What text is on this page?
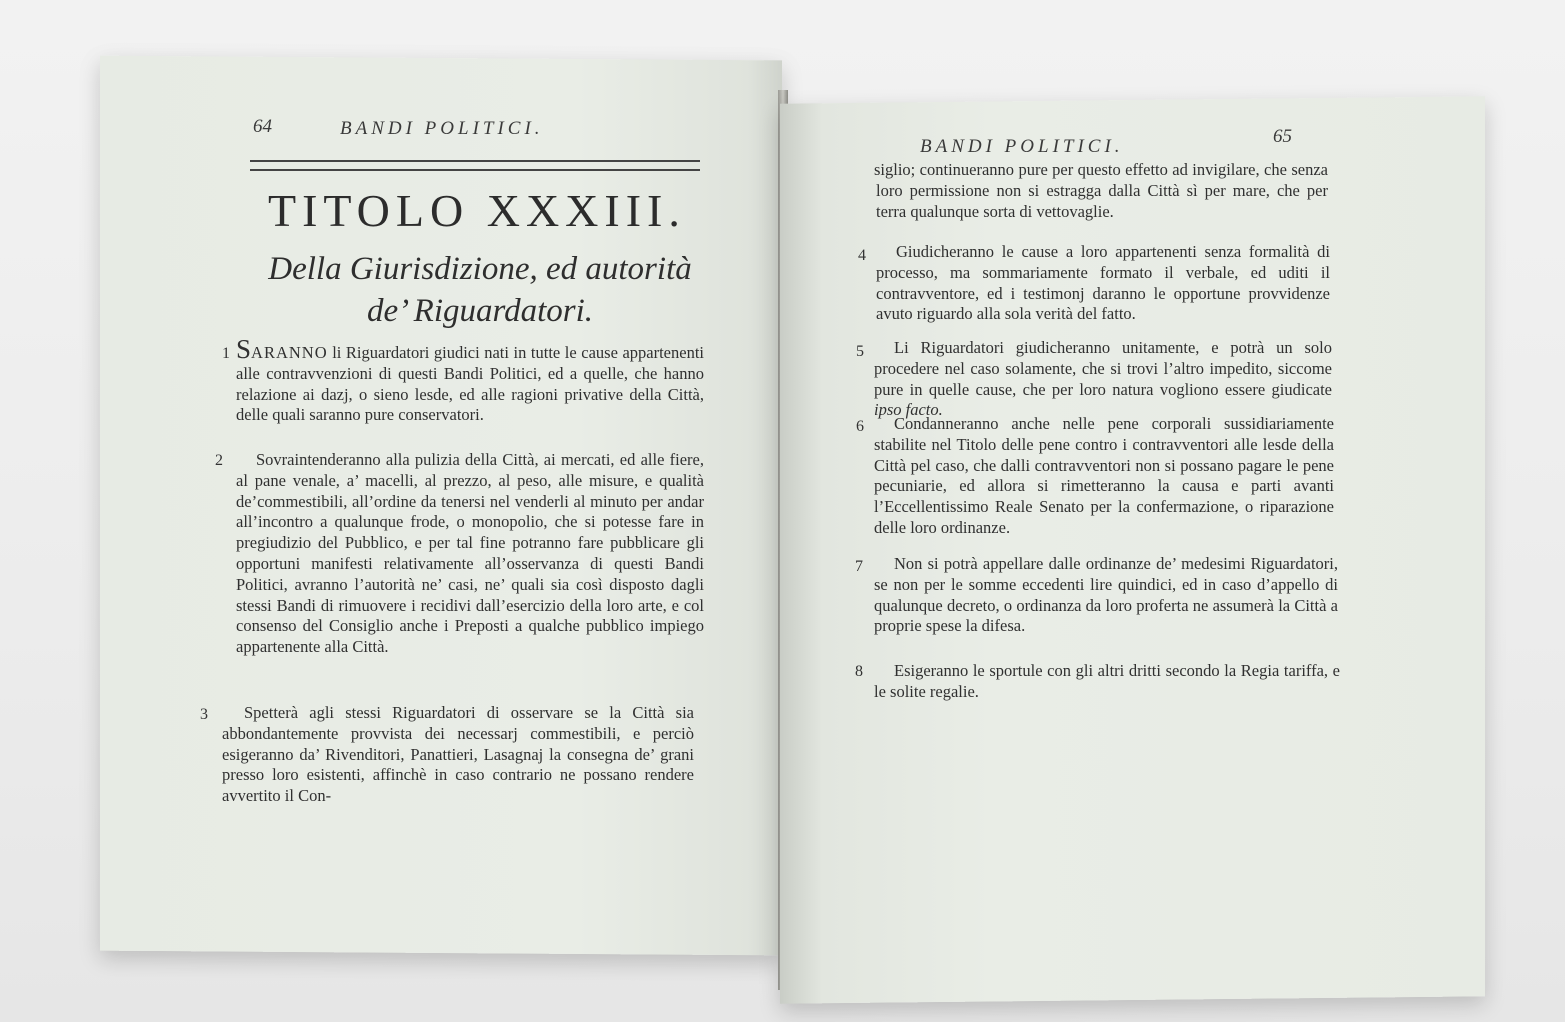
64	BANDI POLITICI.
TITOLO XXXIII.
Della Giurisdizione, ed autorità
de’ Riguardatori.
1 SARANNO li Riguardatori giudici nati in tutte le cause appartenenti alle contravvenzioni di questi Bandi Politici, ed a quelle, che hanno relazione ai dazj, o sieno lesde, ed alle ragioni privative della Città, delle quali saranno pure conservatori.
2	Sovraintenderanno alla pulizia della Città, ai mercati, ed alle fiere, al pane venale, a’ macelli, al prezzo, al peso, alle misure, e qualità de’commestibili, all’ordine da tenersi nel venderli al minuto per andar all’incontro a qualunque frode, o monopolio, che si potesse fare in pregiudizio del Pubblico, e per tal fine potranno fare pubblicare gli opportuni manifesti relativamente all’osservanza di questi Bandi Politici, avranno l’autorità ne’ casi, ne’ quali sia così disposto dagli stessi Bandi di rimuovere i recidivi dall’esercizio della loro arte, e col consenso del Consiglio anche i Preposti a qualche pubblico impiego appartenente alla Città.
3	Spetterà agli stessi Riguardatori di osservare se la Città sia abbondantemente provvista dei necessarj commestibili, e perciò esigeranno da’ Rivenditori, Panattieri, Lasagnaj la consegna de’ grani presso loro esistenti, affinchè in caso contrario ne possano rendere avvertito il Con-
BANDI POLITICI.	65
siglio; continueranno pure per questo effetto ad invigilare, che senza loro permissione non si estragga dalla Città sì per mare, che per terra qualunque sorta di vettovaglie.
4	Giudicheranno le cause a loro appartenenti senza formalità di processo, ma sommariamente formato il verbale, ed uditi il contravventore, ed i testimonj daranno le opportune provvidenze avuto riguardo alla sola verità del fatto.
5	Li Riguardatori giudicheranno unitamente, e potrà un solo procedere nel caso solamente, che si trovi l’altro impedito, siccome pure in quelle cause, che per loro natura vogliono essere giudicate ipso facto.
6	Condanneranno anche nelle pene corporali sussidiariamente stabilite nel Titolo delle pene contro i contravventori alle lesde della Città pel caso, che dalli contravventori non si possano pagare le pene pecuniarie, ed allora si rimetteranno la causa e parti avanti l’Eccellentissimo Reale Senato per la confermazione, o riparazione delle loro ordinanze.
7	Non si potrà appellare dalle ordinanze de’ medesimi Riguardatori, se non per le somme eccedenti lire quindici, ed in caso d’appello di qualunque decreto, o ordinanza da loro proferta ne assumerà la Città a proprie spese la difesa.
8	Esigeranno le sportule con gli altri dritti secondo la Regia tariffa, e le solite regalie.
